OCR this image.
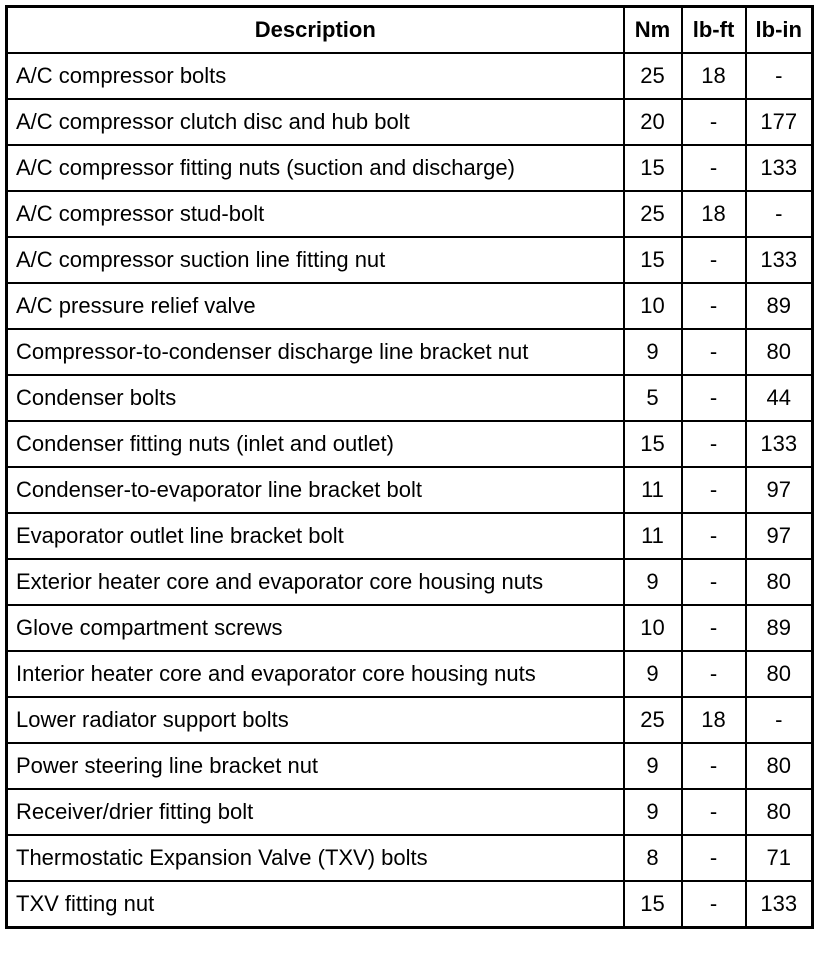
Description	Nm	lb-ft	lb-in
A/C compressor bolts	25	18	-
A/C compressor clutch disc and hub bolt	20	-	177
A/C compressor fitting nuts (suction and discharge)	15	-	133
A/C compressor stud-bolt	25	18	-
A/C compressor suction line fitting nut	15	-	133
A/C pressure relief valve	10	-	89
Compressor-to-condenser discharge line bracket nut	9	-	80
Condenser bolts	5	-	44
Condenser fitting nuts (inlet and outlet)	15	-	133
Condenser-to-evaporator line bracket bolt	11	-	97
Evaporator outlet line bracket bolt	11	-	97
Exterior heater core and evaporator core housing nuts	9	-	80
Glove compartment screws	10	-	89
Interior heater core and evaporator core housing nuts	9	-	80
Lower radiator support bolts	25	18	-
Power steering line bracket nut	9	-	80
Receiver/drier fitting bolt	9	-	80
Thermostatic Expansion Valve (TXV) bolts	8	-	71
TXV fitting nut	15	-	133
